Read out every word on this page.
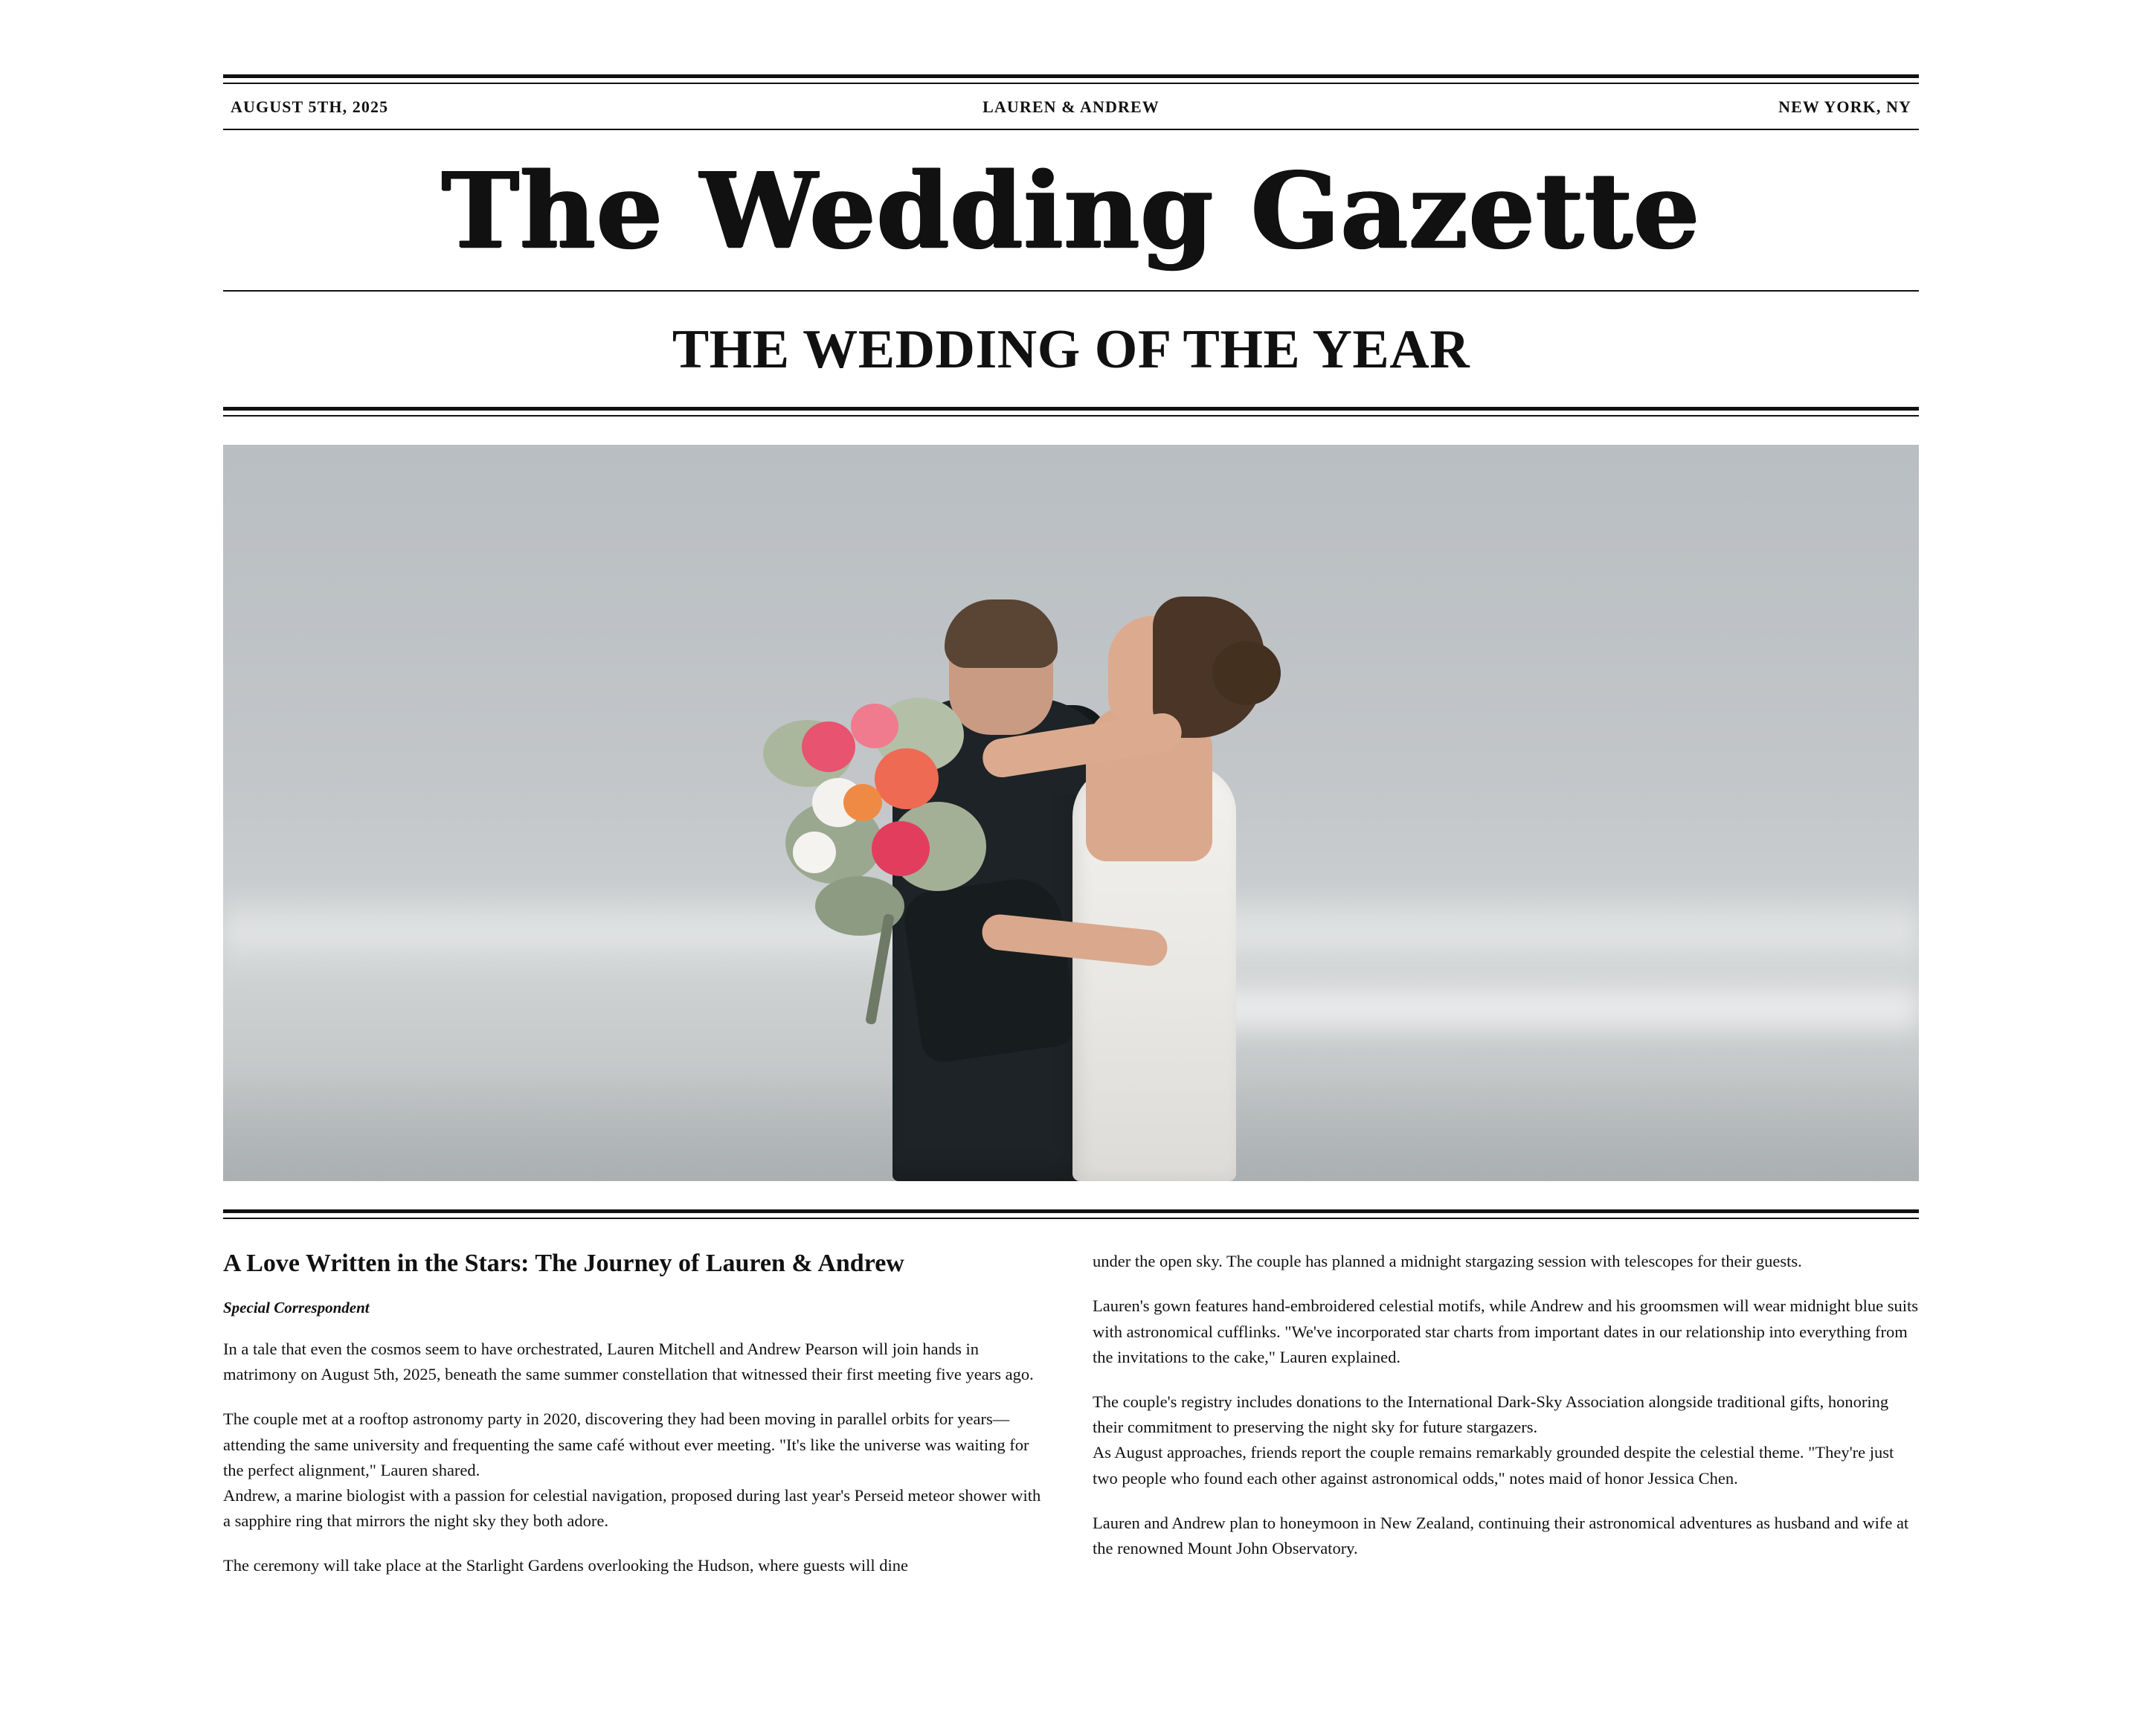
AUGUST 5TH, 2025	LAUREN & ANDREW	NEW YORK, NY
The Wedding Gazette
THE WEDDING OF THE YEAR
A Love Written in the Stars: The Journey of Lauren & Andrew
Special Correspondent

In a tale that even the cosmos seem to have orchestrated, Lauren Mitchell and Andrew Pearson will join hands in matrimony on August 5th, 2025, beneath the same summer constellation that witnessed their first meeting five years ago.

The couple met at a rooftop astronomy party in 2020, discovering they had been moving in parallel orbits for years—attending the same university and frequenting the same café without ever meeting. "It's like the universe was waiting for the perfect alignment," Lauren shared.
Andrew, a marine biologist with a passion for celestial navigation, proposed during last year's Perseid meteor shower with a sapphire ring that mirrors the night sky they both adore.

The ceremony will take place at the Starlight Gardens overlooking the Hudson, where guests will dine

under the open sky. The couple has planned a midnight stargazing session with telescopes for their guests.

Lauren's gown features hand-embroidered celestial motifs, while Andrew and his groomsmen will wear midnight blue suits with astronomical cufflinks. "We've incorporated star charts from important dates in our relationship into everything from the invitations to the cake," Lauren explained.

The couple's registry includes donations to the International Dark-Sky Association alongside traditional gifts, honoring their commitment to preserving the night sky for future stargazers.
As August approaches, friends report the couple remains remarkably grounded despite the celestial theme. "They're just two people who found each other against astronomical odds," notes maid of honor Jessica Chen.

Lauren and Andrew plan to honeymoon in New Zealand, continuing their astronomical adventures as husband and wife at the renowned Mount John Observatory.
